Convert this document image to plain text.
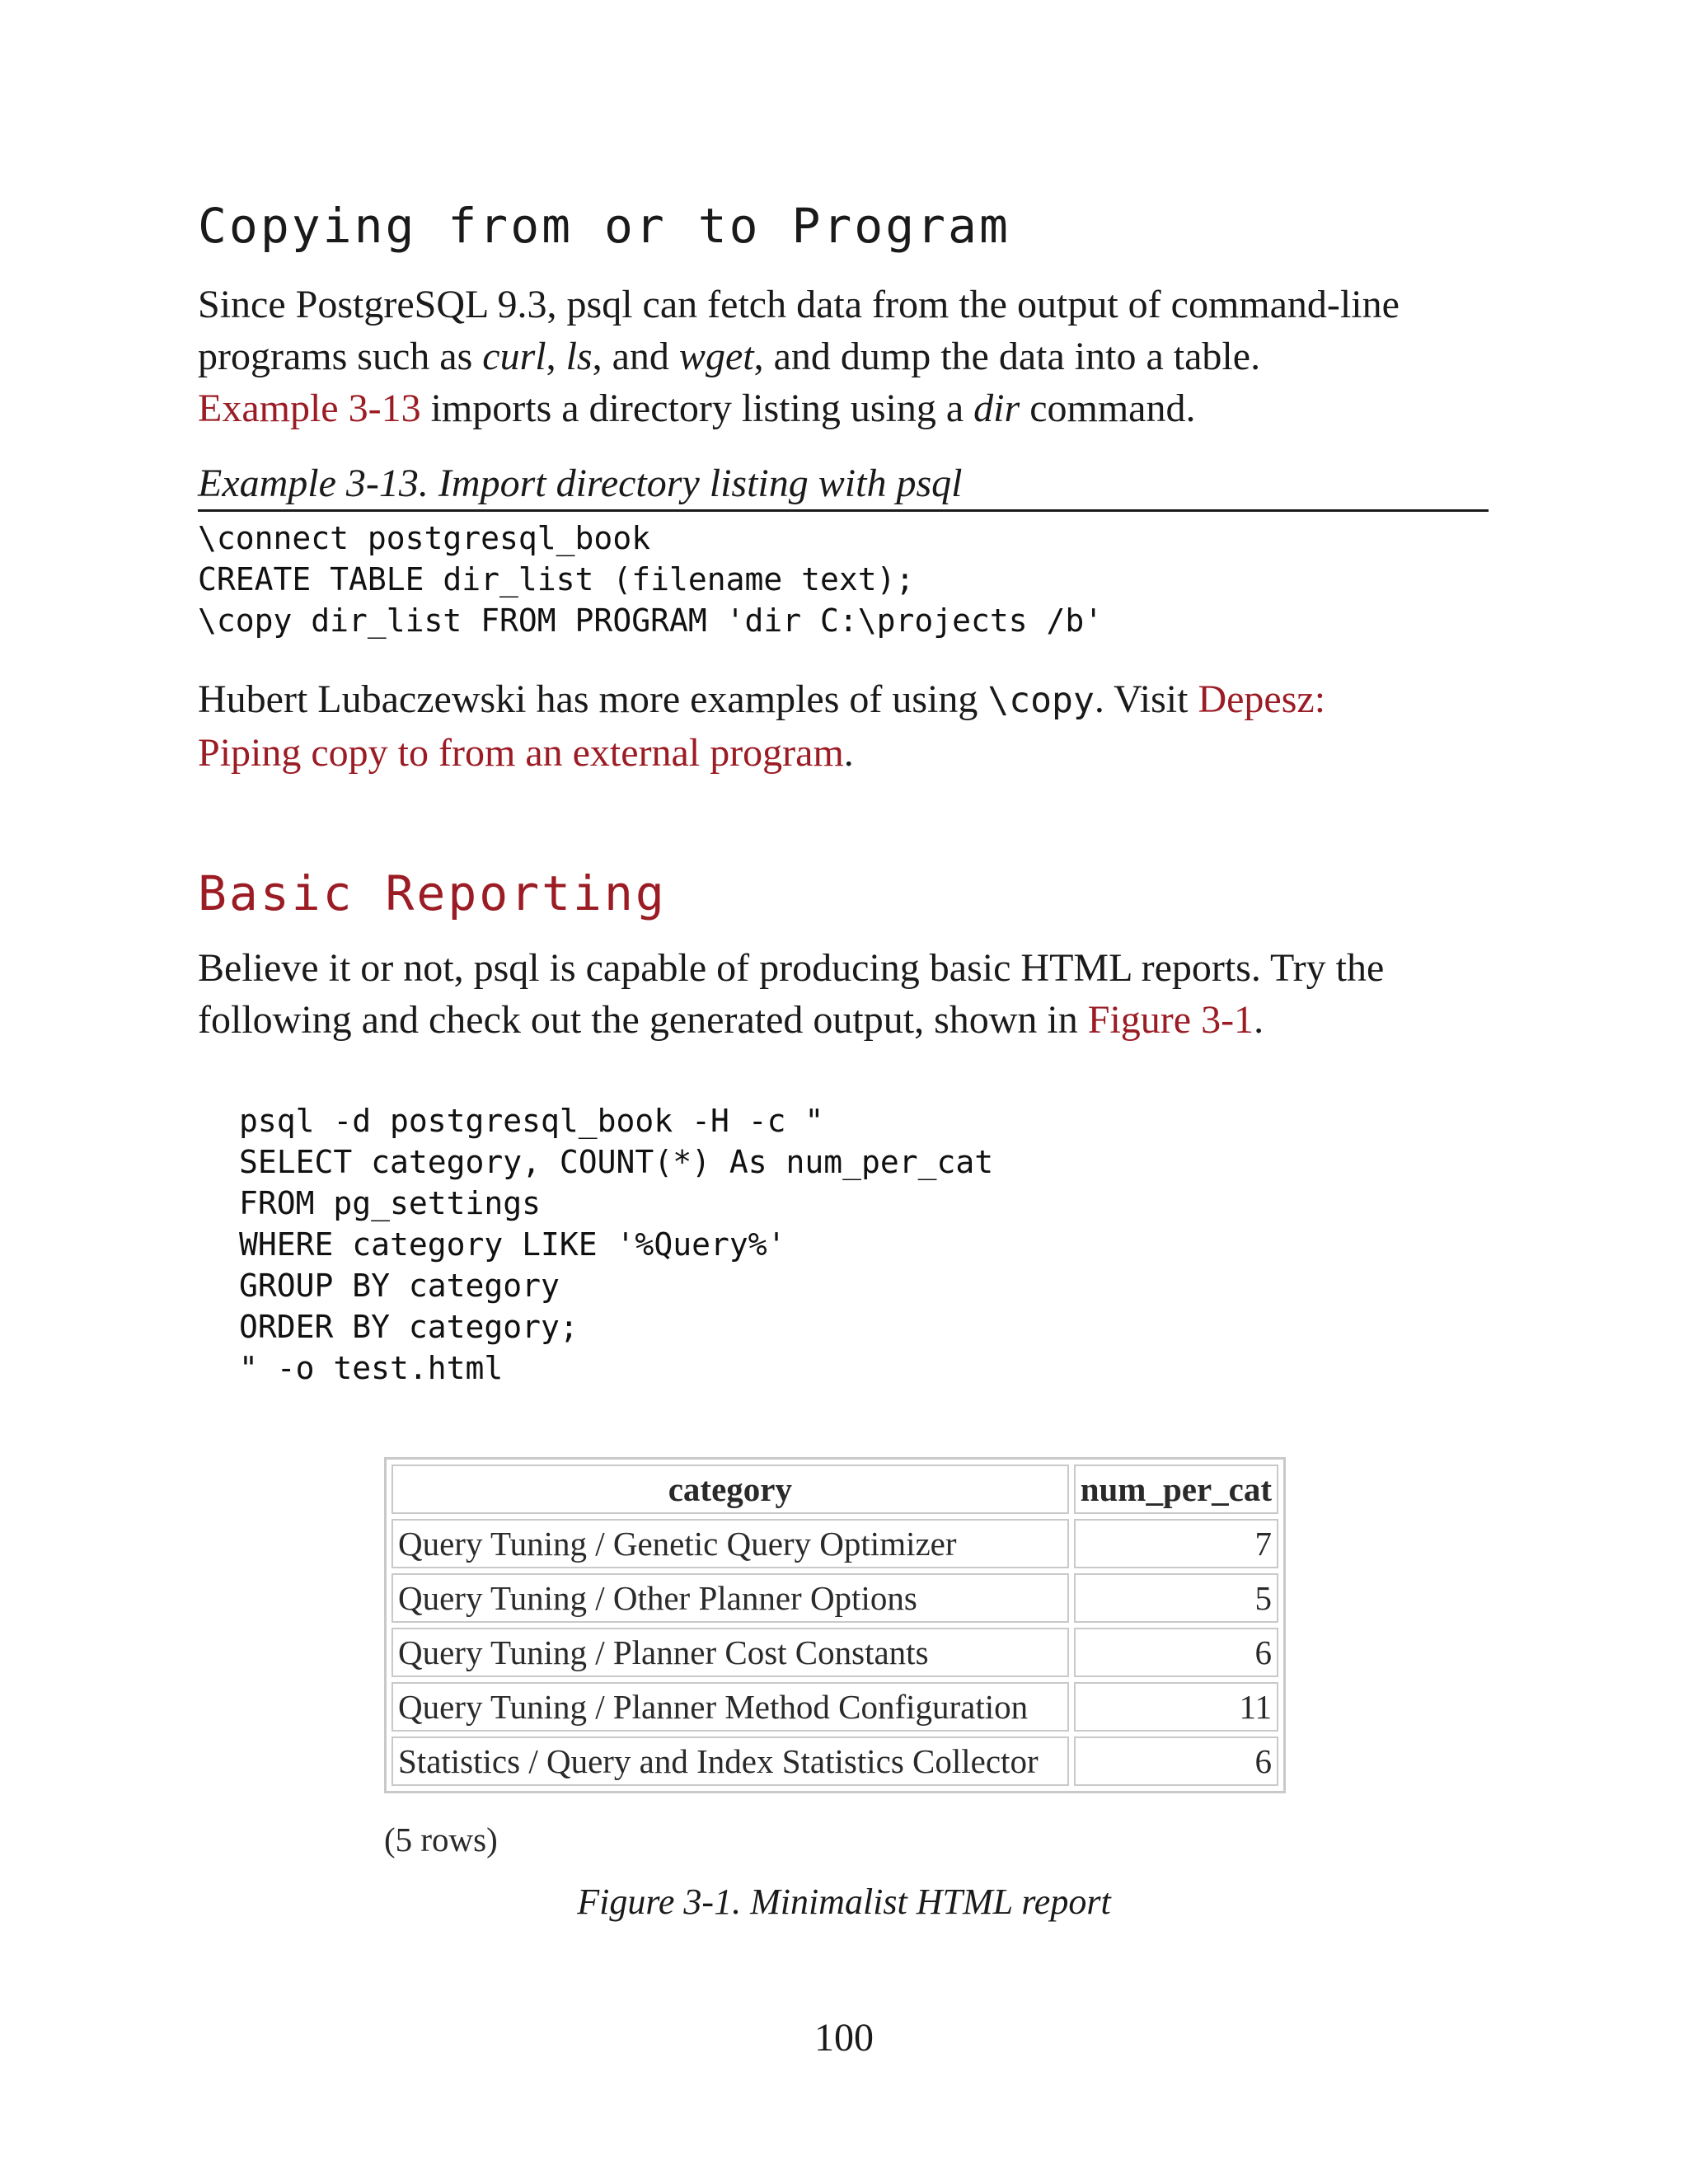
Copying from or to Program

Since PostgreSQL 9.3, psql can fetch data from the output of command-line
programs such as curl, ls, and wget, and dump the data into a table.
Example 3-13 imports a directory listing using a dir command.

Example 3-13. Import directory listing with psql
\connect postgresql_book
CREATE TABLE dir_list (filename text);
\copy dir_list FROM PROGRAM 'dir C:\projects /b'

Hubert Lubaczewski has more examples of using \copy. Visit Depesz:
Piping copy to from an external program.

Basic Reporting

Believe it or not, psql is capable of producing basic HTML reports. Try the
following and check out the generated output, shown in Figure 3-1.

psql -d postgresql_book -H -c "
SELECT category, COUNT(*) As num_per_cat
FROM pg_settings
WHERE category LIKE '%Query%'
GROUP BY category
ORDER BY category;
" -o test.html
category	num_per_cat
Query Tuning / Genetic Query Optimizer	7
Query Tuning / Other Planner Options	5
Query Tuning / Planner Cost Constants	6
Query Tuning / Planner Method Configuration	11
Statistics / Query and Index Statistics Collector	6
(5 rows)
Figure 3-1. Minimalist HTML report
100
